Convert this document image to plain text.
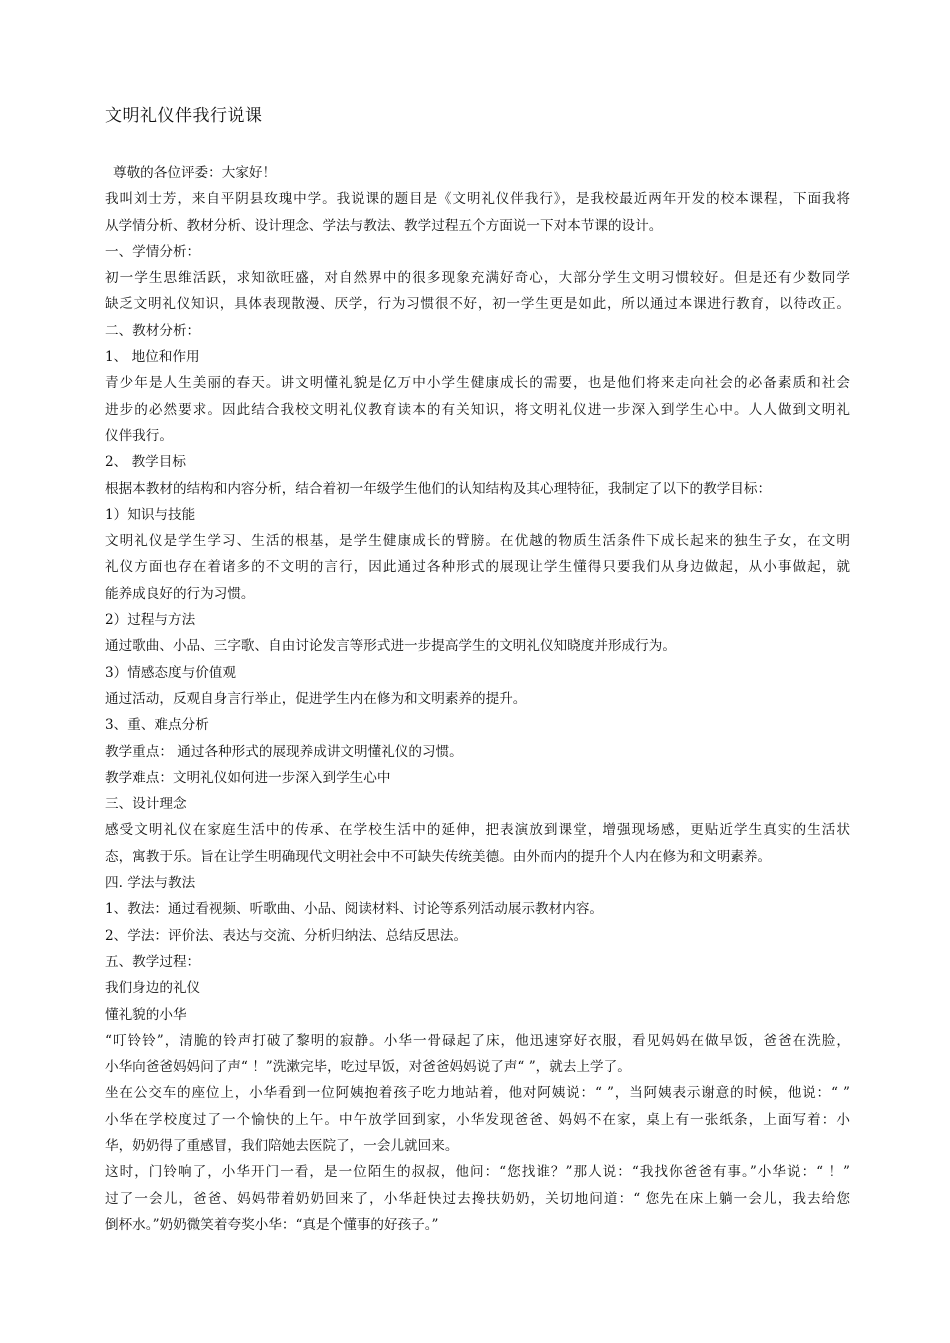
文明礼仪伴我行说课
尊敬的各位评委：大家好！
我叫刘士芳，来自平阴县玫瑰中学。我说课的题目是《文明礼仪伴我行》，是我校最近两年开发的校本课程，下面我将
从学情分析、教材分析、设计理念、学法与教法、教学过程五个方面说一下对本节课的设计。
一、学情分析：
初一学生思维活跃，求知欲旺盛，对自然界中的很多现象充满好奇心，大部分学生文明习惯较好。但是还有少数同学
缺乏文明礼仪知识，具体表现散漫、厌学，行为习惯很不好，初一学生更是如此，所以通过本课进行教育，以待改正。
二、教材分析：
1、 地位和作用
青少年是人生美丽的春天。讲文明懂礼貌是亿万中小学生健康成长的需要，也是他们将来走向社会的必备素质和社会
进步的必然要求。因此结合我校文明礼仪教育读本的有关知识，将文明礼仪进一步深入到学生心中。人人做到文明礼
仪伴我行。
2、 教学目标
根据本教材的结构和内容分析，结合着初一年级学生他们的认知结构及其心理特征，我制定了以下的教学目标：
1）知识与技能
文明礼仪是学生学习、生活的根基，是学生健康成长的臂膀。在优越的物质生活条件下成长起来的独生子女，在文明
礼仪方面也存在着诸多的不文明的言行，因此通过各种形式的展现让学生懂得只要我们从身边做起，从小事做起，就
能养成良好的行为习惯。
2）过程与方法
通过歌曲、小品、三字歌、自由讨论发言等形式进一步提高学生的文明礼仪知晓度并形成行为。
3）情感态度与价值观
通过活动，反观自身言行举止，促进学生内在修为和文明素养的提升。
3、重、难点分析
教学重点： 通过各种形式的展现养成讲文明懂礼仪的习惯。
教学难点：文明礼仪如何进一步深入到学生心中
三、设计理念
感受文明礼仪在家庭生活中的传承、在学校生活中的延伸，把表演放到课堂，增强现场感，更贴近学生真实的生活状
态，寓教于乐。旨在让学生明确现代文明社会中不可缺失传统美德。由外而内的提升个人内在修为和文明素养。
四. 学法与教法
1、教法：通过看视频、听歌曲、小品、阅读材料、讨论等系列活动展示教材内容。
2、学法：评价法、表达与交流、分析归纳法、总结反思法。
五、教学过程：
我们身边的礼仪
懂礼貌的小华
“叮铃铃”，清脆的铃声打破了黎明的寂静。小华一骨碌起了床，他迅速穿好衣服，看见妈妈在做早饭，爸爸在洗脸，
小华向爸爸妈妈问了声“ ！”洗漱完毕，吃过早饭，对爸爸妈妈说了声“ ”，就去上学了。
坐在公交车的座位上，小华看到一位阿姨抱着孩子吃力地站着，他对阿姨说：“ ”，当阿姨表示谢意的时候，他说：“ ”
小华在学校度过了一个愉快的上午。中午放学回到家，小华发现爸爸、妈妈不在家，桌上有一张纸条，上面写着：小
华，奶奶得了重感冒，我们陪她去医院了，一会儿就回来。
这时，门铃响了，小华开门一看，是一位陌生的叔叔，他问：“您找谁？”那人说：“我找你爸爸有事。”小华说：“ ！”
过了一会儿，爸爸、妈妈带着奶奶回来了，小华赶快过去搀扶奶奶，关切地问道：“ 您先在床上躺一会儿，我去给您
倒杯水。”奶奶微笑着夸奖小华：“真是个懂事的好孩子。”
